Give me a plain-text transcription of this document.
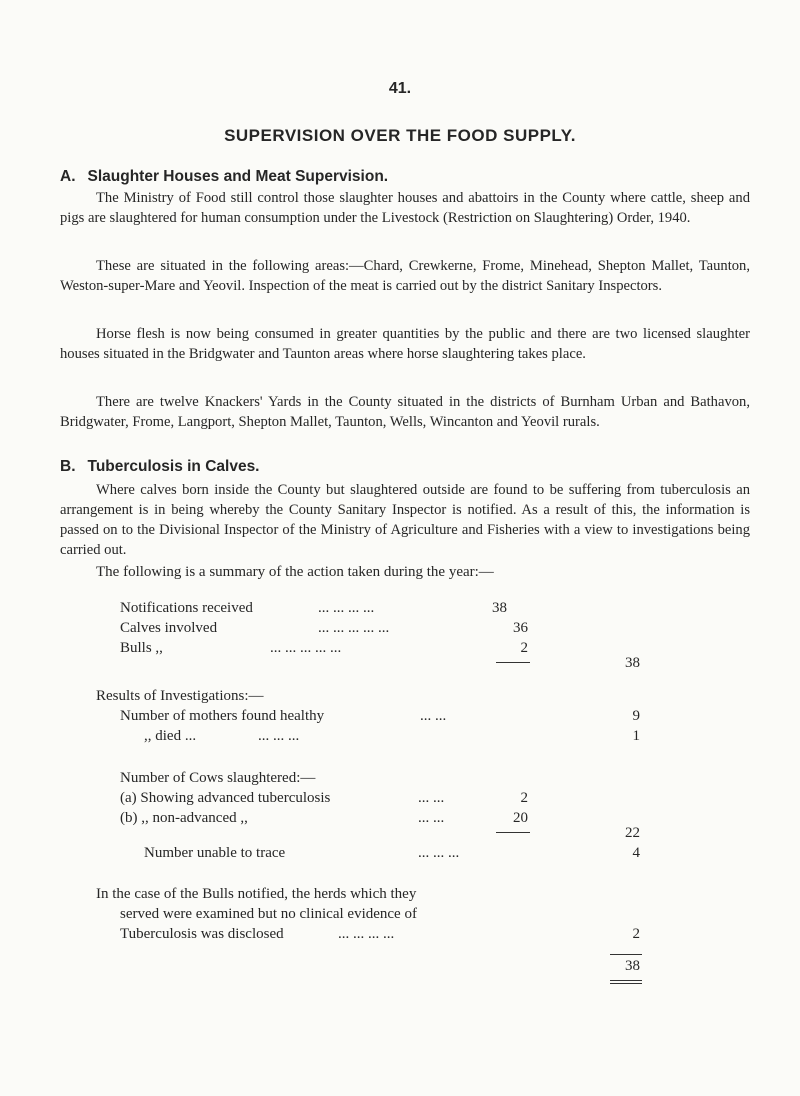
41.
SUPERVISION OVER THE FOOD SUPPLY.
A. Slaughter Houses and Meat Supervision.

The Ministry of Food still control those slaughter houses and abattoirs in the County where cattle, sheep and pigs are slaughtered for human consumption under the Livestock (Restriction on Slaughtering) Order, 1940.

These are situated in the following areas:—Chard, Crewkerne, Frome, Minehead, Shepton Mallet, Taunton, Weston-super-Mare and Yeovil. Inspection of the meat is carried out by the district Sanitary Inspectors.

Horse flesh is now being consumed in greater quantities by the public and there are two licensed slaughter houses situated in the Bridgwater and Taunton areas where horse slaughtering takes place.

There are twelve Knackers' Yards in the County situated in the districts of Burnham Urban and Bathavon, Bridgwater, Frome, Langport, Shepton Mallet, Taunton, Wells, Wincanton and Yeovil rurals.

B. Tuberculosis in Calves.

Where calves born inside the County but slaughtered outside are found to be suffering from tuberculosis an arrangement is in being whereby the County Sanitary Inspector is notified. As a result of this, the information is passed on to the Divisional Inspector of the Ministry of Agriculture and Fisheries with a view to investigations being carried out.

The following is a summary of the action taken during the year:—
Notifications received	... ... ... ...	38
Calves involved	... ... ... ... ...	36
Bulls ,,	... ... ... ... ...	2
38
Results of Investigations:—
Number of mothers found healthy	... ...	9
,, died ...	... ... ...	1
Number of Cows slaughtered:—
(a) Showing advanced tuberculosis	... ...	2
(b) ,, non-advanced ,,	... ...	20
22
Number unable to trace	... ... ...	4
In the case of the Bulls notified, the herds which they
served were examined but no clinical evidence of
Tuberculosis was disclosed	... ... ... ...	2
38
